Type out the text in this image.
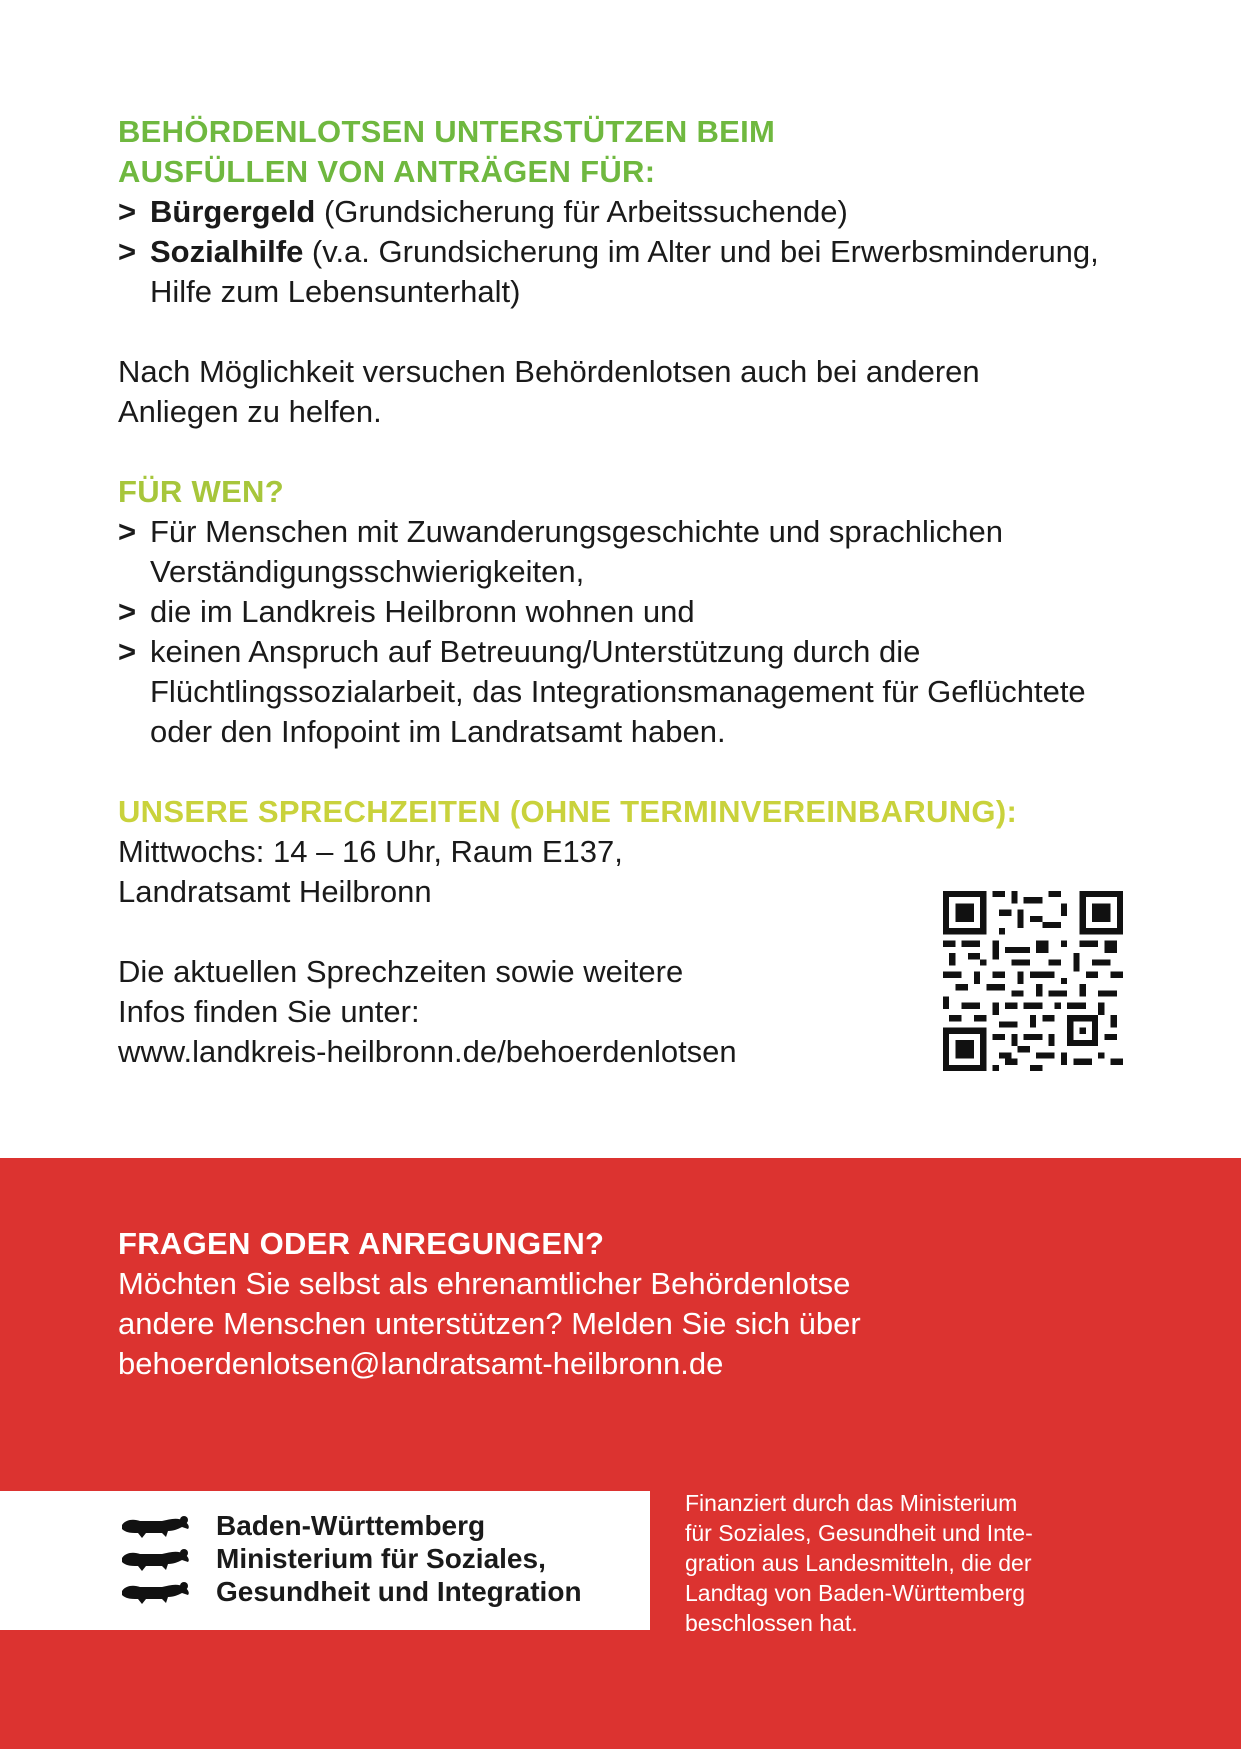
BEHÖRDENLOTSEN UNTERSTÜTZEN BEIM

AUSFÜLLEN VON ANTRÄGEN FÜR:

> Bürgergeld (Grundsicherung für Arbeitssuchende)
> Sozialhilfe (v.a. Grundsicherung im Alter und bei Erwerbsminderung, Hilfe zum Lebensunterhalt)

Nach Möglichkeit versuchen Behördenlotsen auch bei anderen Anliegen zu helfen.

FÜR WEN?

> Für Menschen mit Zuwanderungsgeschichte und sprachlichen Verständigungsschwierigkeiten,
> die im Landkreis Heilbronn wohnen und
> keinen Anspruch auf Betreuung/Unterstützung durch die Flüchtlingssozialarbeit, das Integrationsmanagement für Geflüchtete oder den Infopoint im Landratsamt haben.

UNSERE SPRECHZEITEN (OHNE TERMINVEREINBARUNG):

Mittwochs: 14 – 16 Uhr, Raum E137,

Landratsamt Heilbronn

Die aktuellen Sprechzeiten sowie weitere

Infos finden Sie unter:

www.landkreis-heilbronn.de/behoerdenlotsen

FRAGEN ODER ANREGUNGEN?

Möchten Sie selbst als ehrenamtlicher Behördenlotse

andere Menschen unterstützen? Melden Sie sich über

behoerdenlotsen@landratsamt-heilbronn.de

Baden-Württemberg
Ministerium für Soziales,
Gesundheit und Integration
Finanziert durch das Ministerium
für Soziales, Gesundheit und Inte-
gration aus Landesmitteln, die der
Landtag von Baden-Württemberg
beschlossen hat.
